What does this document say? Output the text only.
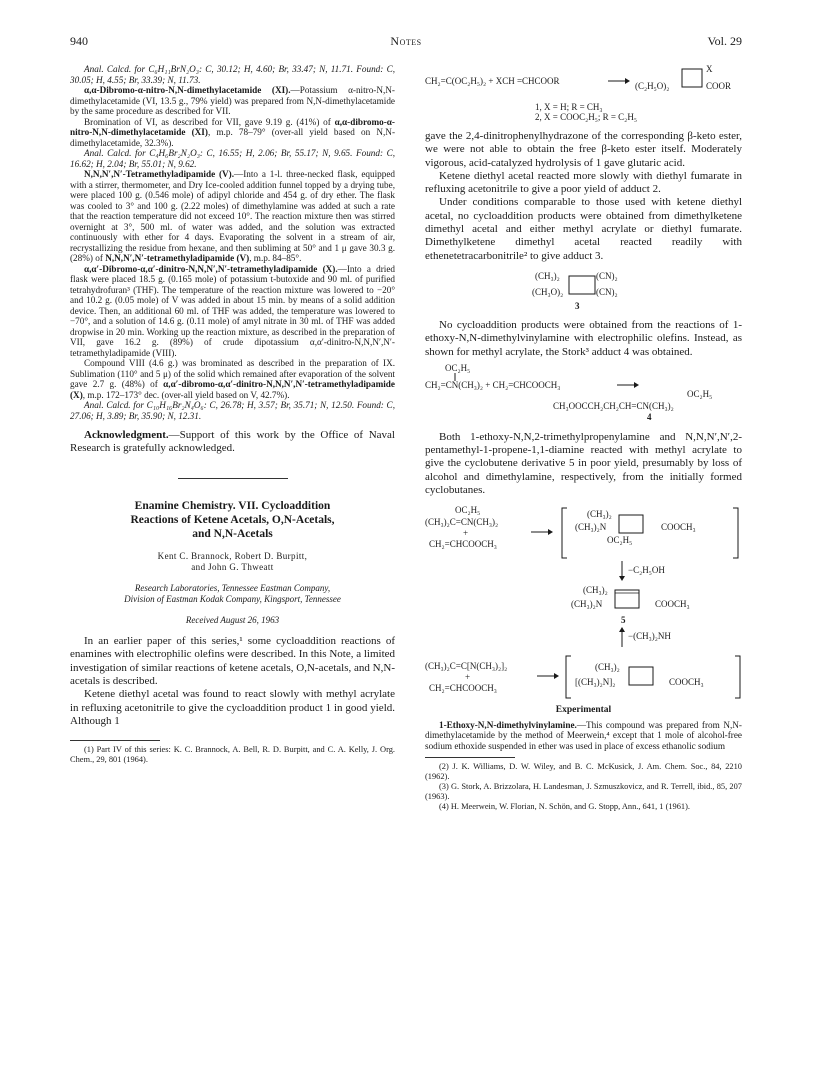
940	Notes	Vol. 29

Anal. Calcd. for C₆H₁₁BrN₂O₃: C, 30.12; H, 4.60; Br, 33.47; N, 11.71. Found: C, 30.05; H, 4.55; Br, 33.39; N, 11.73.

α,α-Dibromo-α-nitro-N,N-dimethylacetamide (XI).—Potassium α-nitro-N,N-dimethylacetamide (VI, 13.5 g., 79% yield) was prepared from N,N-dimethylacetamide by the same procedure as described for VII.

Bromination of VI, as described for VII, gave 9.19 g. (41%) of α,α-dibromo-α-nitro-N,N-dimethylacetamide (XI), m.p. 78–79° (over-all yield based on N,N-dimethylacetamide, 32.3%).

Anal. Calcd. for C₄H₆Br₂N₂O₃: C, 16.55; H, 2.06; Br, 55.17; N, 9.65. Found: C, 16.62; H, 2.04; Br, 55.01; N, 9.62.

N,N,N′,N′-Tetramethyladipamide (V).—Into a 1-l. three-necked flask, equipped with a stirrer, thermometer, and Dry Ice-cooled addition funnel topped by a drying tube, were placed 100 g. (0.546 mole) of adipyl chloride and 454 g. of dry ether. The flask was cooled to 3° and 100 g. (2.22 moles) of dimethylamine was added at such a rate that the reaction temperature did not exceed 10°. The reaction mixture then was stirred overnight at 3°, 500 ml. of water was added, and the solution was extracted continuously with ether for 4 days. Evaporating the solvent in a stream of air, recrystallizing the residue from hexane, and then subliming at 50° and 1 μ gave 30.3 g. (28%) of N,N,N′,N′-tetramethyladipamide (V), m.p. 84–85°.

α,α′-Dibromo-α,α′-dinitro-N,N,N′,N′-tetramethyladipamide (X).—Into a dried flask were placed 18.5 g. (0.165 mole) of potassium t-butoxide and 90 ml. of purified tetrahydrofuran³ (THF). The temperature of the reaction mixture was lowered to −20° and 10.2 g. (0.05 mole) of V was added in about 15 min. by means of a solid addition device. Then, an additional 60 ml. of THF was added, the temperature was lowered to −70°, and a solution of 14.6 g. (0.11 mole) of amyl nitrate in 30 ml. of THF was added dropwise in 20 min. Working up the reaction mixture, as described in the preparation of VII, gave 16.2 g. (89%) of crude dipotassium α,α′-dinitro-N,N,N′,N′-tetramethyladipamide (VIII).

Compound VIII (4.6 g.) was brominated as described in the preparation of IX. Sublimation (110° and 5 μ) of the solid which remained after evaporation of the solvent gave 2.7 g. (48%) of α,α′-dibromo-α,α′-dinitro-N,N,N′,N′-tetramethyladipamide (X), m.p. 172–173° dec. (over-all yield based on V, 42.7%).

Anal. Calcd. for C₁₀H₁₆Br₂N₄O₆: C, 26.78; H, 3.57; Br, 35.71; N, 12.50. Found: C, 27.06; H, 3.89; Br, 35.90; N, 12.31.

Acknowledgment.—Support of this work by the Office of Naval Research is gratefully acknowledged.

Enamine Chemistry. VII. Cycloaddition
Reactions of Ketene Acetals, O,N-Acetals,
and N,N-Acetals
Kent C. Brannock, Robert D. Burpitt,
and John G. Thweatt
Research Laboratories, Tennessee Eastman Company,
Division of Eastman Kodak Company, Kingsport, Tennessee
Received August 26, 1963

In an earlier paper of this series,¹ some cycloaddition reactions of enamines with electrophilic olefins were described. In this Note, a limited investigation of similar reactions of ketene acetals, O,N-acetals, and N,N-acetals is described.

Ketene diethyl acetal was found to react slowly with methyl acrylate in refluxing acetonitrile to give the cycloaddition product 1 in good yield. Although 1

(1) Part IV of this series: K. C. Brannock, A. Bell, R. D. Burpitt, and C. A. Kelly, J. Org. Chem., 29, 801 (1964).

CH₂=C(OC₂H₅)₂ + XCH =CHCOOR
X
(C₂H₅O)₂	COOR
1, X = H; R = CH₃
2, X = COOC₂H₅; R = C₂H₅

gave the 2,4-dinitrophenylhydrazone of the corresponding β-keto ester, we were not able to obtain the free β-keto ester itself. Moderately vigorous, acid-catalyzed hydrolysis of 1 gave glutaric acid.

Ketene diethyl acetal reacted more slowly with diethyl fumarate in refluxing acetonitrile to give a poor yield of adduct 2.

Under conditions comparable to those used with ketene diethyl acetal, no cycloaddition products were obtained from dimethylketene dimethyl acetal and either methyl acrylate or diethyl fumarate. Dimethylketene dimethyl acetal reacted readily with ethenetetracarbonitrile² to give adduct 3.

(CH₃)₂	(CN)₂
(CH₃O)₂	(CN)₂
3

No cycloaddition products were obtained from the reactions of 1-ethoxy-N,N-dimethylvinylamine with electrophilic olefins. Instead, as shown for methyl acrylate, the Stork³ adduct 4 was obtained.

OC₂H₅
CH₂=CN(CH₃)₂ + CH₂=CHCOOCH₃
OC₂H₅
CH₃OOCCH₂CH₂CH=CN(CH₃)₂
4

Both 1-ethoxy-N,N,2-trimethylpropenylamine and N,N,N′,N′,2-pentamethyl-1-propene-1,1-diamine reacted with methyl acrylate to give the cyclobutene derivative 5 in poor yield, presumably by loss of alcohol and dimethylamine, respectively, from the initially formed cyclobutanes.

OC₂H₅
(CH₃)₂C=CN(CH₃)₂
+
CH₂=CHCOOCH₃
(CH₃)₂
(CH₃)₂N	COOCH₃
OC₂H₅
−C₂H₅OH
(CH₃)₂
(CH₃)₂N	COOCH₃
5
−(CH₃)₂NH
(CH₃)₂C=C[N(CH₃)₂]₂
+
CH₂=CHCOOCH₃
(CH₃)₂
[(CH₃)₂N]₂	COOCH₃
Experimental

1-Ethoxy-N,N-dimethylvinylamine.—This compound was prepared from N,N-dimethylacetamide by the method of Meerwein,⁴ except that 1 mole of alcohol-free sodium ethoxide suspended in ether was used in place of excess ethanolic sodium

(2) J. K. Williams, D. W. Wiley, and B. C. McKusick, J. Am. Chem. Soc., 84, 2210 (1962).

(3) G. Stork, A. Brizzolara, H. Landesman, J. Szmuszkovicz, and R. Terrell, ibid., 85, 207 (1963).

(4) H. Meerwein, W. Florian, N. Schön, and G. Stopp, Ann., 641, 1 (1961).
